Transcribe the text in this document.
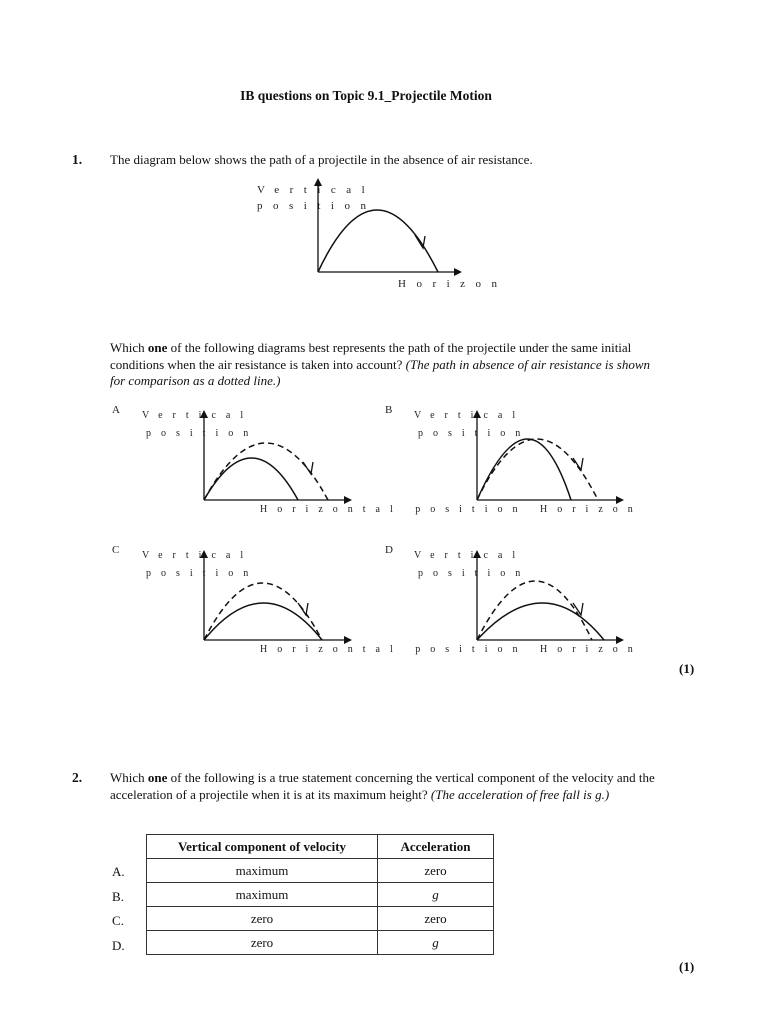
IB questions on Topic 9.1_Projectile Motion
1. The diagram below shows the path of a projectile in the absence of air resistance.
Vertical
position
Horizon
Which one of the following diagrams best represents the path of the projectile under the same initial conditions when the air resistance is taken into account? (The path in absence of air resistance is shown for comparison as a dotted line.)
A Vertical
position
B Vertical
position
Horizontal position Horizon
C Vertical
position
D Vertical
position
Horizontal position Horizon
(1)
2. Which one of the following is a true statement concerning the vertical component of the velocity and the acceleration of a projectile when it is at its maximum height? (The acceleration of free fall is g.)
A.
B.
C.
D.
Vertical component of velocity	Acceleration
maximum	zero
maximum	g
zero	zero
zero	g
(1)
